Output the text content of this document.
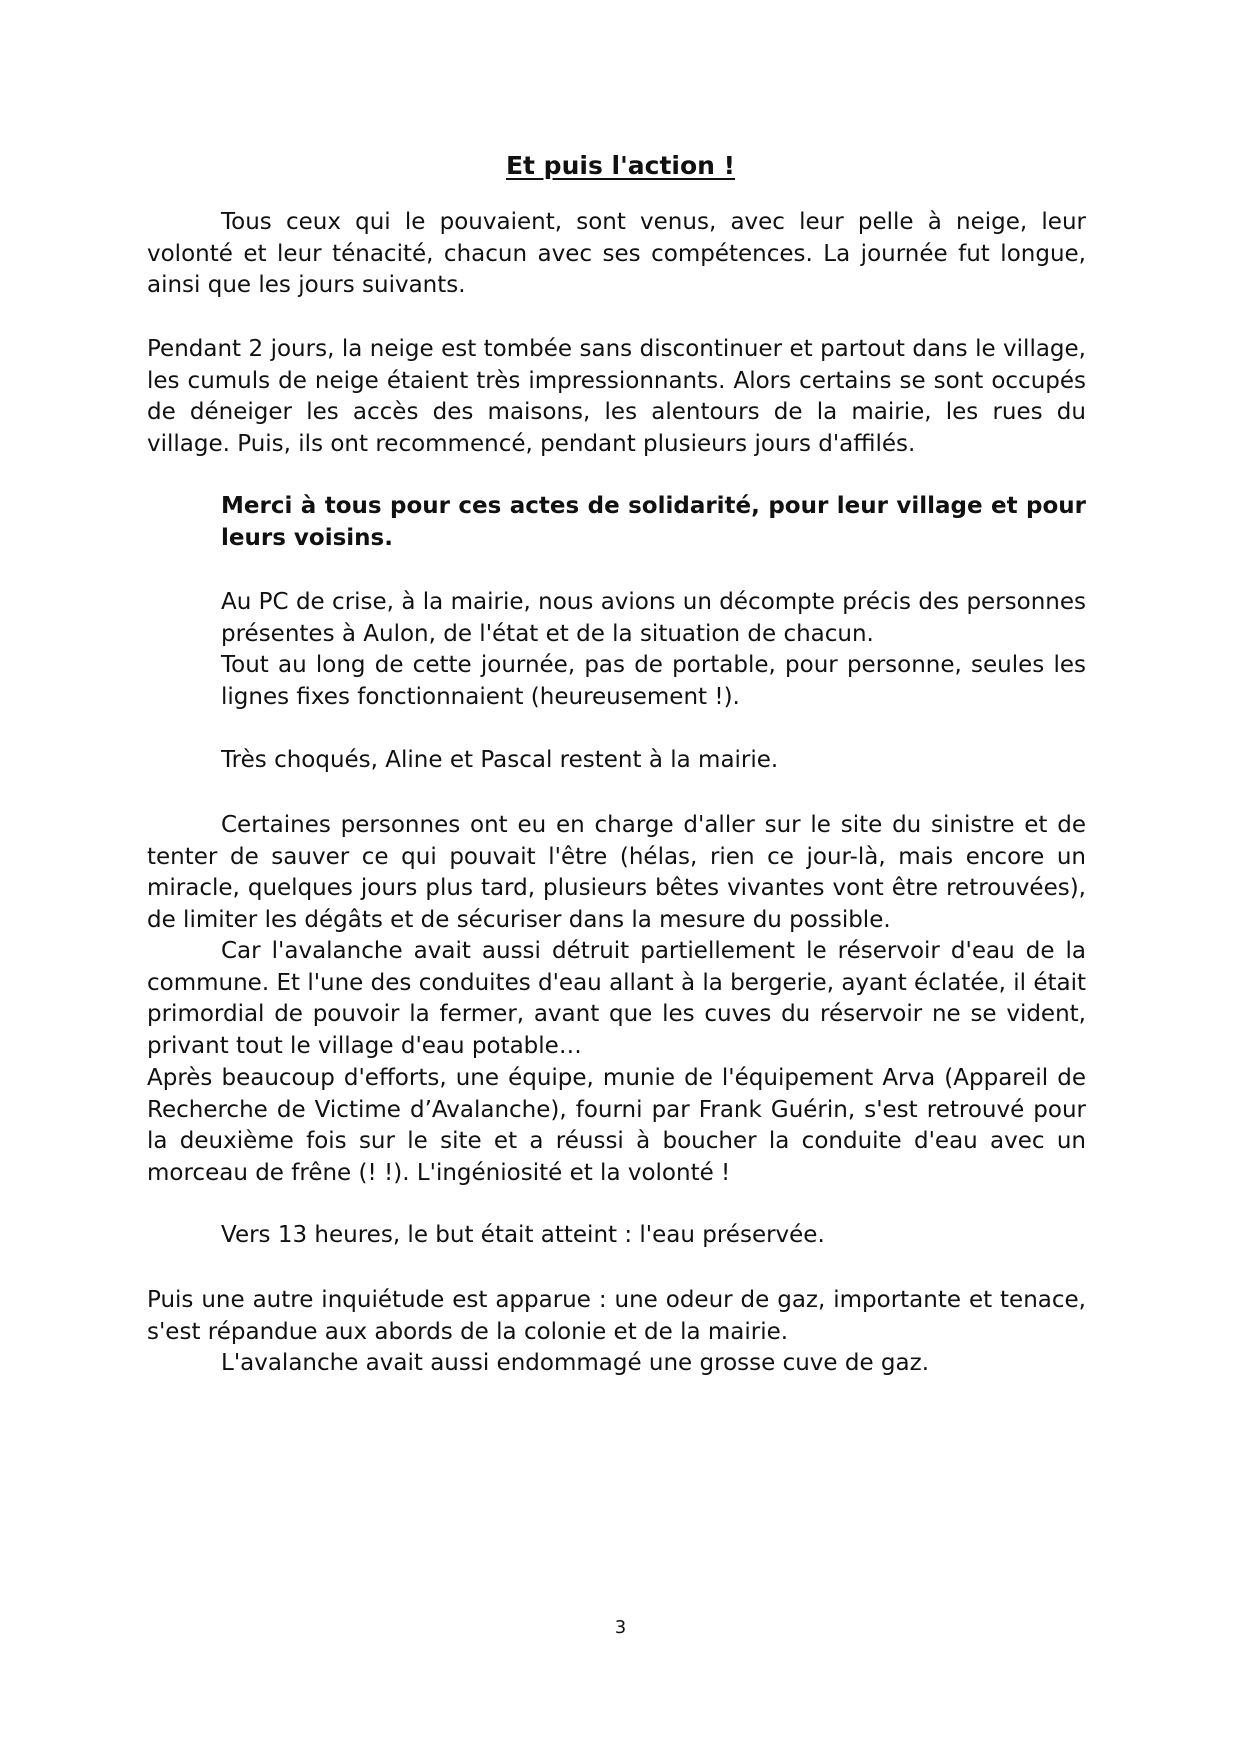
Et puis l'action !

Tous ceux qui le pouvaient, sont venus, avec leur pelle à neige, leur volonté et leur ténacité, chacun avec ses compétences. La journée fut longue, ainsi que les jours suivants.

Pendant 2 jours, la neige est tombée sans discontinuer et partout dans le village, les cumuls de neige étaient très impressionnants. Alors certains se sont occupés de déneiger les accès des maisons, les alentours de la mairie, les rues du village. Puis, ils ont recommencé, pendant plusieurs jours d'affilés.

Merci à tous pour ces actes de solidarité, pour leur village et pour leurs voisins.

Au PC de crise, à la mairie, nous avions un décompte précis des personnes présentes à Aulon, de l'état et de la situation de chacun.

Tout au long de cette journée, pas de portable, pour personne, seules les lignes fixes fonctionnaient (heureusement !).

Très choqués, Aline et Pascal restent à la mairie.

Certaines personnes ont eu en charge d'aller sur le site du sinistre et de tenter de sauver ce qui pouvait l'être (hélas, rien ce jour-là, mais encore un miracle, quelques jours plus tard, plusieurs bêtes vivantes vont être retrouvées), de limiter les dégâts et de sécuriser dans la mesure du possible.

Car l'avalanche avait aussi détruit partiellement le réservoir d'eau de la commune. Et l'une des conduites d'eau allant à la bergerie, ayant éclatée, il était primordial de pouvoir la fermer, avant que les cuves du réservoir ne se vident, privant tout le village d'eau potable…

Après beaucoup d'efforts, une équipe, munie de l'équipement Arva (Appareil de Recherche de Victime d’Avalanche), fourni par Frank Guérin, s'est retrouvé pour la deuxième fois sur le site et a réussi à boucher la conduite d'eau avec un morceau de frêne (! !). L'ingéniosité et la volonté !

Vers 13 heures, le but était atteint : l'eau préservée.

Puis une autre inquiétude est apparue : une odeur de gaz, importante et tenace, s'est répandue aux abords de la colonie et de la mairie.

L'avalanche avait aussi endommagé une grosse cuve de gaz.

3
